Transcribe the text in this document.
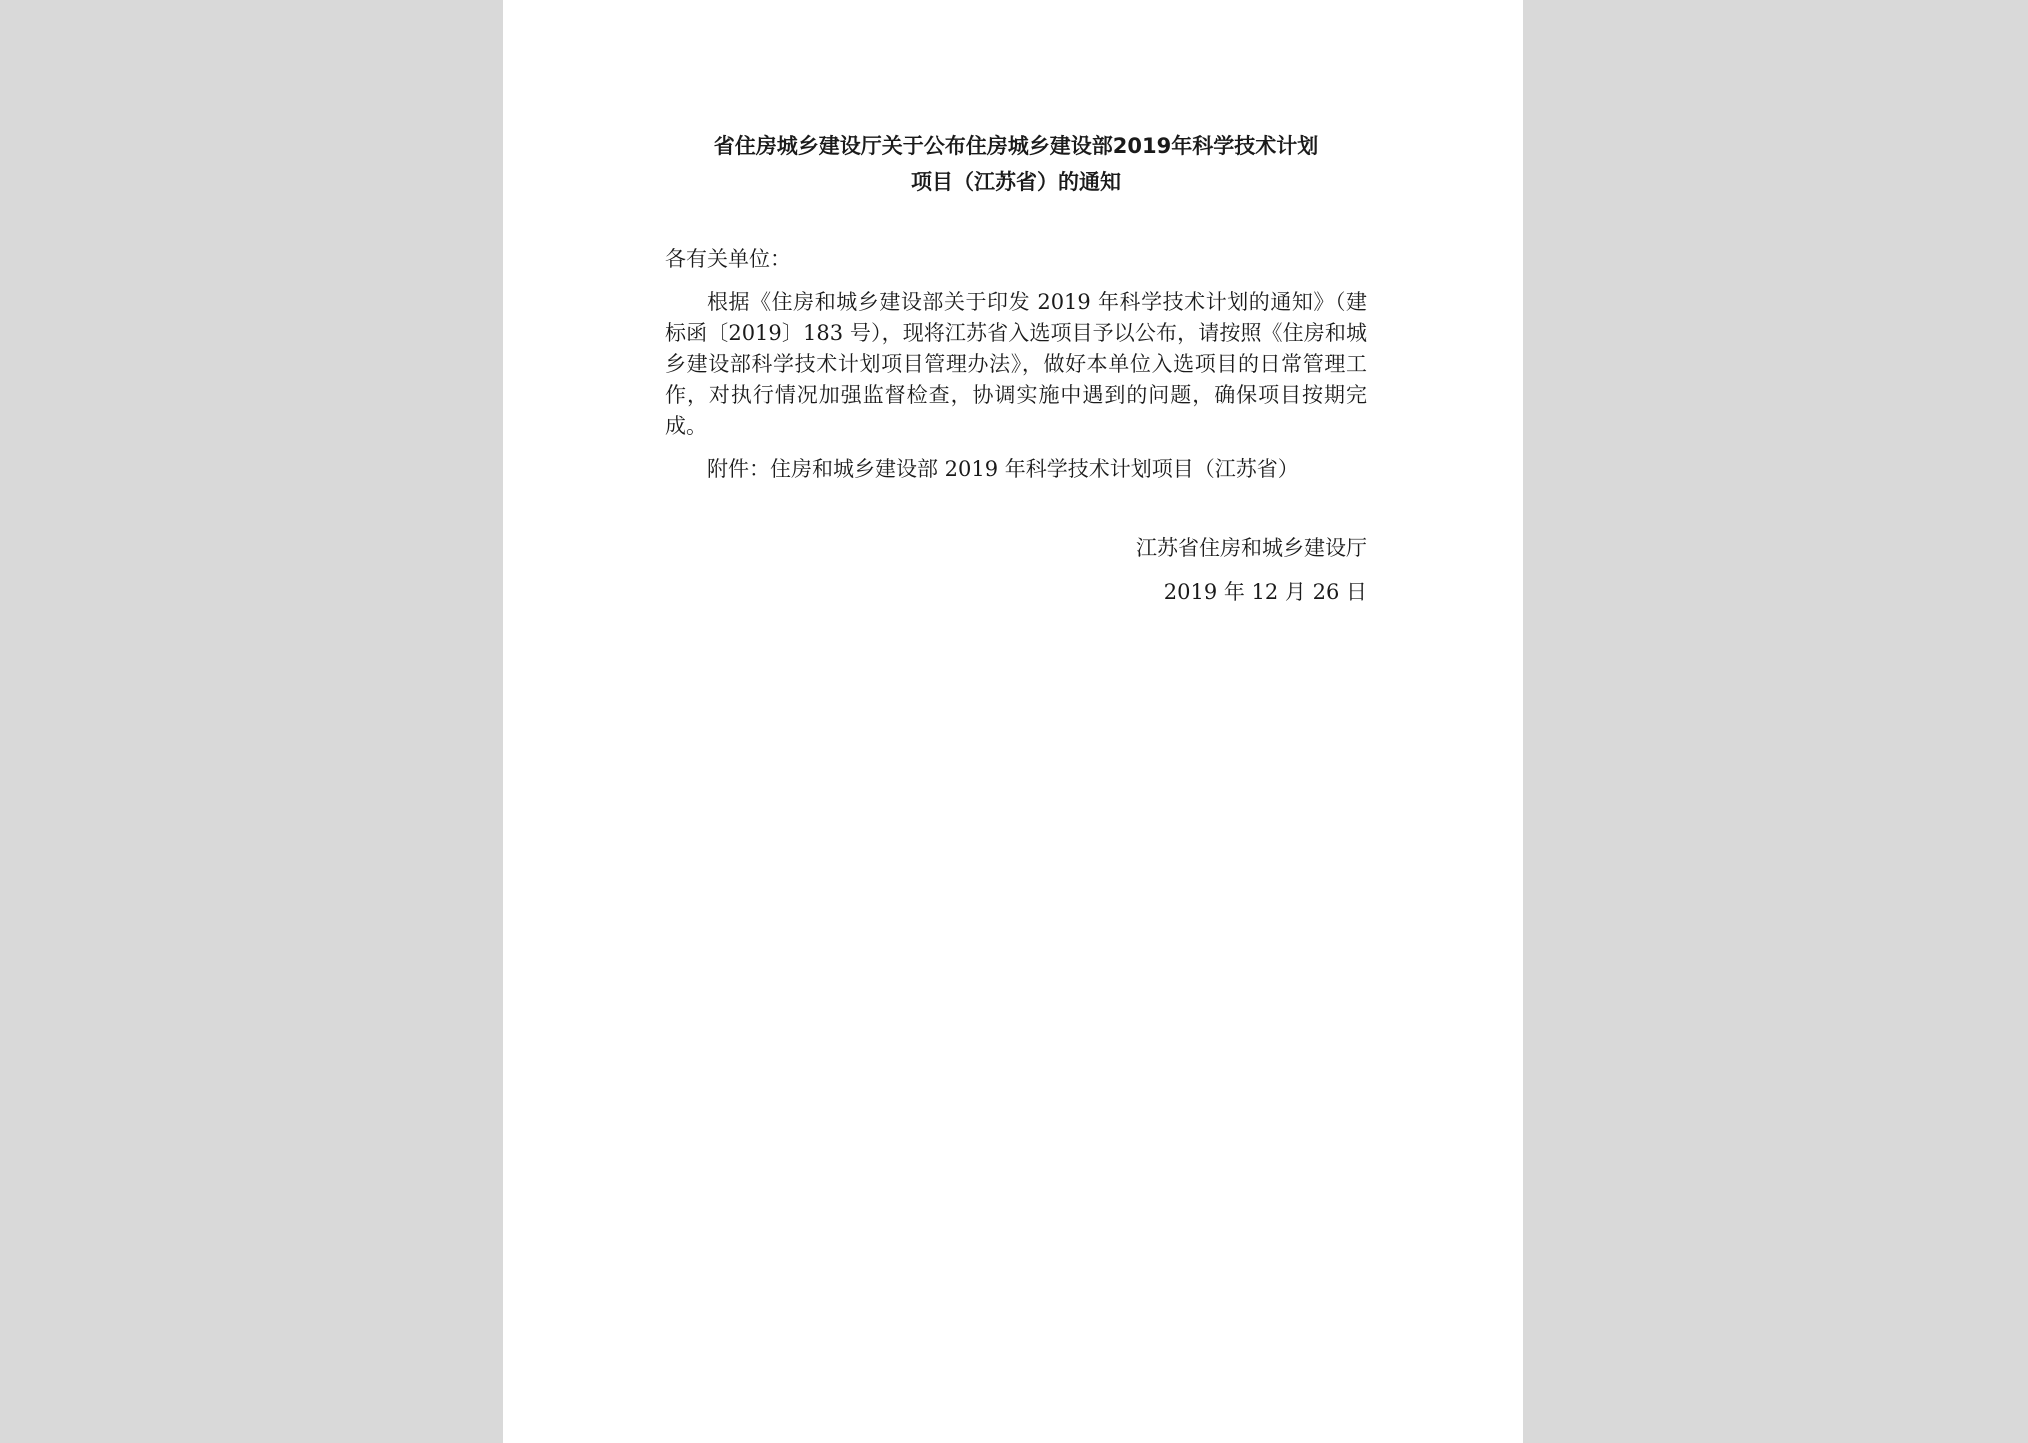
省住房城乡建设厅关于公布住房城乡建设部2019年科学技术计划
项目（江苏省）的通知

各有关单位：

根据《住房和城乡建设部关于印发 2019 年科学技术计划的通知》（建标函〔2019〕183 号），现将江苏省入选项目予以公布，请按照《住房和城乡建设部科学技术计划项目管理办法》，做好本单位入选项目的日常管理工作，对执行情况加强监督检查，协调实施中遇到的问题，确保项目按期完成。

附件：住房和城乡建设部 2019 年科学技术计划项目（江苏省）

江苏省住房和城乡建设厅
2019 年 12 月 26 日
